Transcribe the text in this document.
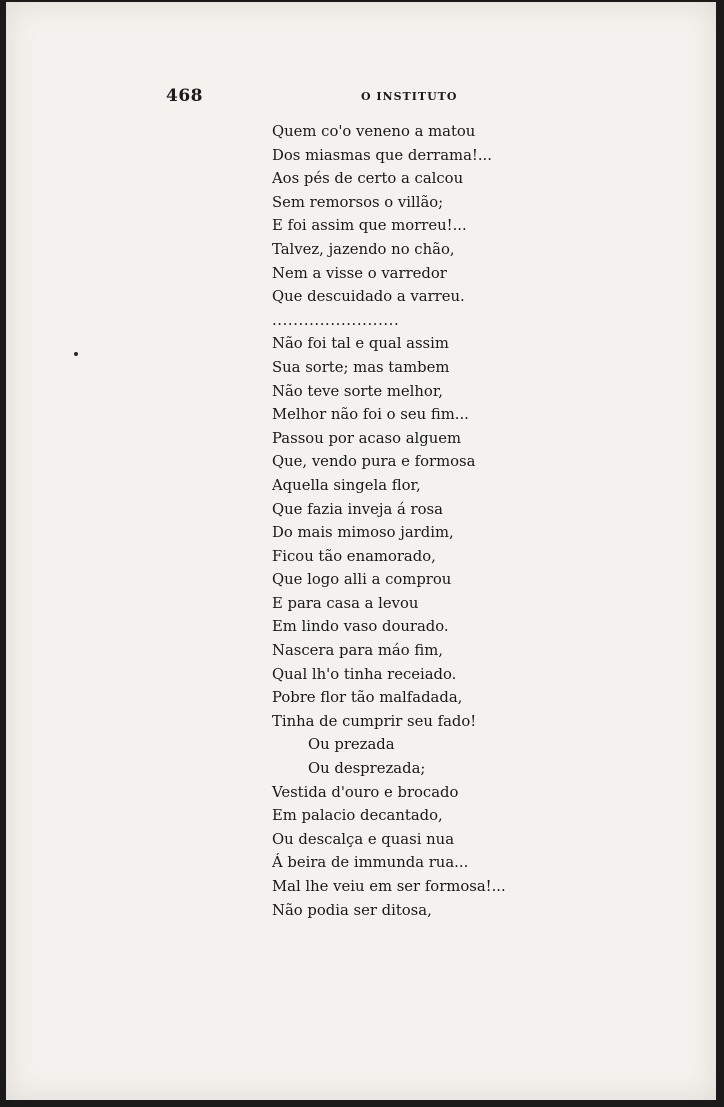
468	O INSTITUTO
Quem co'o veneno a matou
Dos miasmas que derrama!...
Aos pés de certo a calcou
Sem remorsos o villão;
E foi assim que morreu!...
Talvez, jazendo no chão,
Nem a visse o varredor
Que descuidado a varreu.
........................
Não foi tal e qual assim
Sua sorte; mas tambem
Não teve sorte melhor,
Melhor não foi o seu fim...
Passou por acaso alguem
Que, vendo pura e formosa
Aquella singela flor,
Que fazia inveja á rosa
Do mais mimoso jardim,
Ficou tão enamorado,
Que logo alli a comprou
E para casa a levou
Em lindo vaso dourado.
Nascera para máo fim,
Qual lh'o tinha receiado.
Pobre flor tão malfadada,
Tinha de cumprir seu fado!
Ou prezada
Ou desprezada;
Vestida d'ouro e brocado
Em palacio decantado,
Ou descalça e quasi nua
Á beira de immunda rua...
Mal lhe veiu em ser formosa!...
Não podia ser ditosa,
